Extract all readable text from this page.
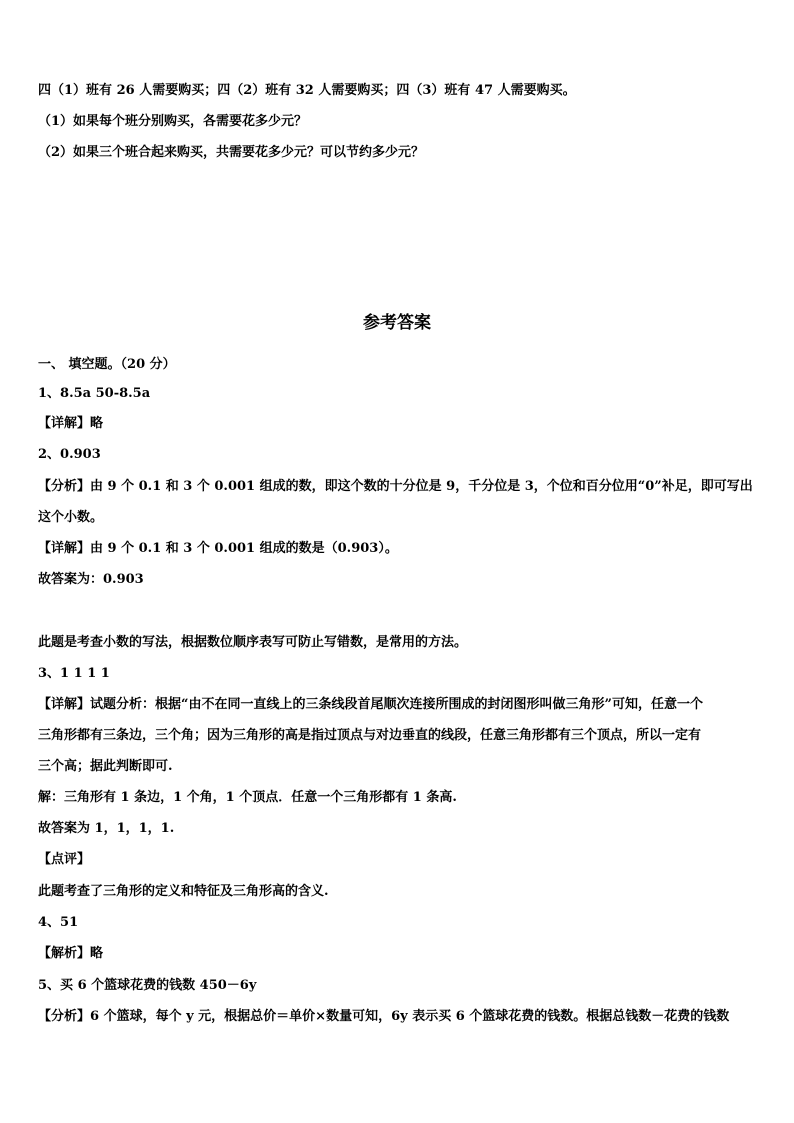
四（1）班有 26 人需要购买；四（2）班有 32 人需要购买；四（3）班有 47 人需要购买。
（1）如果每个班分别购买，各需要花多少元？
（2）如果三个班合起来购买，共需要花多少元？可以节约多少元？
参考答案
一、 填空题。（20 分）
1、8.5a 50-8.5a
【详解】略
2、0.903
【分析】由 9 个 0.1 和 3 个 0.001 组成的数，即这个数的十分位是 9，千分位是 3，个位和百分位用“0”补足，即可写出
这个小数。
【详解】由 9 个 0.1 和 3 个 0.001 组成的数是（0.903）。
故答案为：0.903
此题是考查小数的写法，根据数位顺序表写可防止写错数，是常用的方法。
3、1 1 1 1
【详解】试题分析：根据“由不在同一直线上的三条线段首尾顺次连接所围成的封闭图形叫做三角形”可知，任意一个
三角形都有三条边，三个角；因为三角形的高是指过顶点与对边垂直的线段，任意三角形都有三个顶点，所以一定有
三个高；据此判断即可.
解：三角形有 1 条边，1 个角，1 个顶点．任意一个三角形都有 1 条高.
故答案为 1，1，1，1.
【点评】
此题考查了三角形的定义和特征及三角形高的含义.
4、51
【解析】略
5、买 6 个篮球花费的钱数 450－6y
【分析】6 个篮球，每个 y 元，根据总价＝单价×数量可知，6y 表示买 6 个篮球花费的钱数。根据总钱数－花费的钱数
